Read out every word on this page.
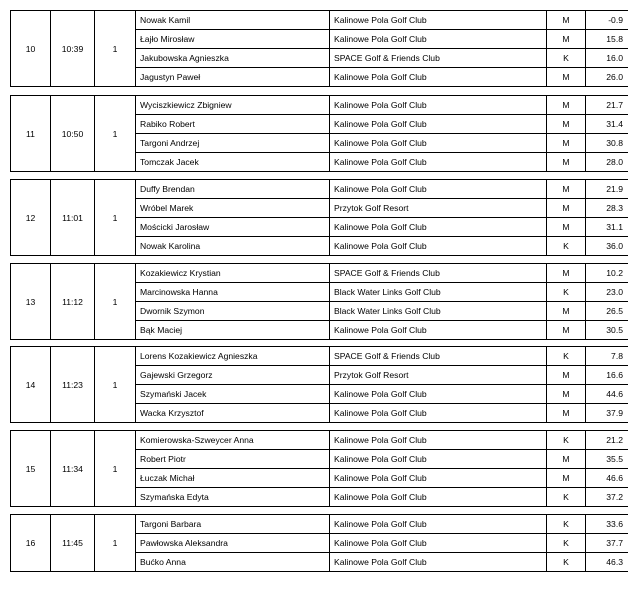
10	10:39	1	Nowak Kamil	Kalinowe Pola Golf Club	M	-0.9
			Łajło Mirosław	Kalinowe Pola Golf Club	M	15.8
			Jakubowska Agnieszka	SPACE Golf & Friends Club	K	16.0
			Jagustyn Paweł	Kalinowe Pola Golf Club	M	26.0
11	10:50	1	Wyciszkiewicz Zbigniew	Kalinowe Pola Golf Club	M	21.7
			Rabiko Robert	Kalinowe Pola Golf Club	M	31.4
			Targoni Andrzej	Kalinowe Pola Golf Club	M	30.8
			Tomczak Jacek	Kalinowe Pola Golf Club	M	28.0
12	11:01	1	Duffy Brendan	Kalinowe Pola Golf Club	M	21.9
			Wróbel Marek	Przytok Golf Resort	M	28.3
			Mościcki Jarosław	Kalinowe Pola Golf Club	M	31.1
			Nowak Karolina	Kalinowe Pola Golf Club	K	36.0
13	11:12	1	Kozakiewicz Krystian	SPACE Golf & Friends Club	M	10.2
			Marcinowska Hanna	Black Water Links Golf Club	K	23.0
			Dwornik Szymon	Black Water Links Golf Club	M	26.5
			Bąk Maciej	Kalinowe Pola Golf Club	M	30.5
14	11:23	1	Lorens Kozakiewicz Agnieszka	SPACE Golf & Friends Club	K	7.8
			Gajewski Grzegorz	Przytok Golf Resort	M	16.6
			Szymański Jacek	Kalinowe Pola Golf Club	M	44.6
			Wacka Krzysztof	Kalinowe Pola Golf Club	M	37.9
15	11:34	1	Komierowska-Szweycer Anna	Kalinowe Pola Golf Club	K	21.2
			Robert Piotr	Kalinowe Pola Golf Club	M	35.5
			Łuczak Michał	Kalinowe Pola Golf Club	M	46.6
			Szymańska Edyta	Kalinowe Pola Golf Club	K	37.2
16	11:45	1	Targoni Barbara	Kalinowe Pola Golf Club	K	33.6
			Pawłowska Aleksandra	Kalinowe Pola Golf Club	K	37.7
			Bućko Anna	Kalinowe Pola Golf Club	K	46.3
